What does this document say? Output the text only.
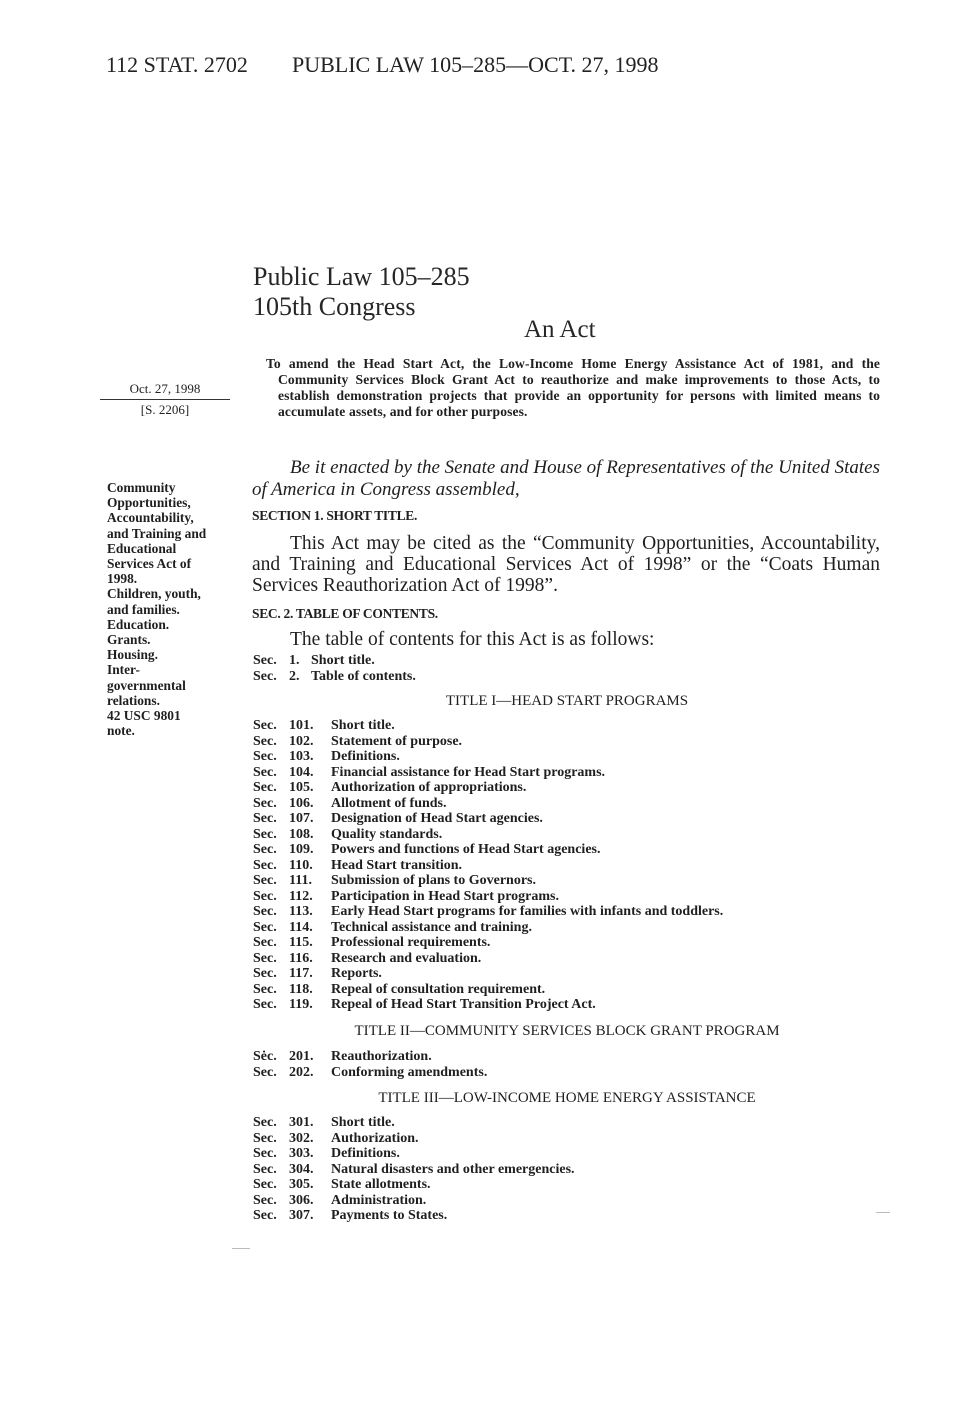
112 STAT. 2702 PUBLIC LAW 105–285—OCT. 27, 1998
Public Law 105–285
105th Congress
An Act
To amend the Head Start Act, the Low-Income Home Energy Assistance Act of 1981, and the Community Services Block Grant Act to reauthorize and make improvements to those Acts, to establish demonstration projects that provide an opportunity for persons with limited means to accumulate assets, and for other purposes.
Oct. 27, 1998
[S. 2206]
Community
Opportunities,
Accountability,
and Training and
Educational
Services Act of
1998.
Children, youth,
and families.
Education.
Grants.
Housing.
Inter-
governmental
relations.
42 USC 9801
note.
Be it enacted by the Senate and House of Representatives of the United States of America in Congress assembled,
SECTION 1. SHORT TITLE.
This Act may be cited as the “Community Opportunities, Accountability, and Training and Educational Services Act of 1998” or the “Coats Human Services Reauthorization Act of 1998”.
SEC. 2. TABLE OF CONTENTS.
The table of contents for this Act is as follows:
Sec. 1. Short title.
Sec. 2. Table of contents.
TITLE I—HEAD START PROGRAMS
Sec. 101.	Short title.
Sec. 102.	Statement of purpose.
Sec. 103.	Definitions.
Sec. 104.	Financial assistance for Head Start programs.
Sec. 105.	Authorization of appropriations.
Sec. 106.	Allotment of funds.
Sec. 107.	Designation of Head Start agencies.
Sec. 108.	Quality standards.
Sec. 109.	Powers and functions of Head Start agencies.
Sec. 110.	Head Start transition.
Sec. 111.	Submission of plans to Governors.
Sec. 112.	Participation in Head Start programs.
Sec. 113.	Early Head Start programs for families with infants and toddlers.
Sec. 114.	Technical assistance and training.
Sec. 115.	Professional requirements.
Sec. 116.	Research and evaluation.
Sec. 117.	Reports.
Sec. 118.	Repeal of consultation requirement.
Sec. 119.	Repeal of Head Start Transition Project Act.
TITLE II—COMMUNITY SERVICES BLOCK GRANT PROGRAM
Sėc. 201.	Reauthorization.
Sec. 202.	Conforming amendments.
TITLE III—LOW-INCOME HOME ENERGY ASSISTANCE
Sec. 301.	Short title.
Sec. 302.	Authorization.
Sec. 303.	Definitions.
Sec. 304.	Natural disasters and other emergencies.
Sec. 305.	State allotments.
Sec. 306.	Administration.
Sec. 307.	Payments to States.
